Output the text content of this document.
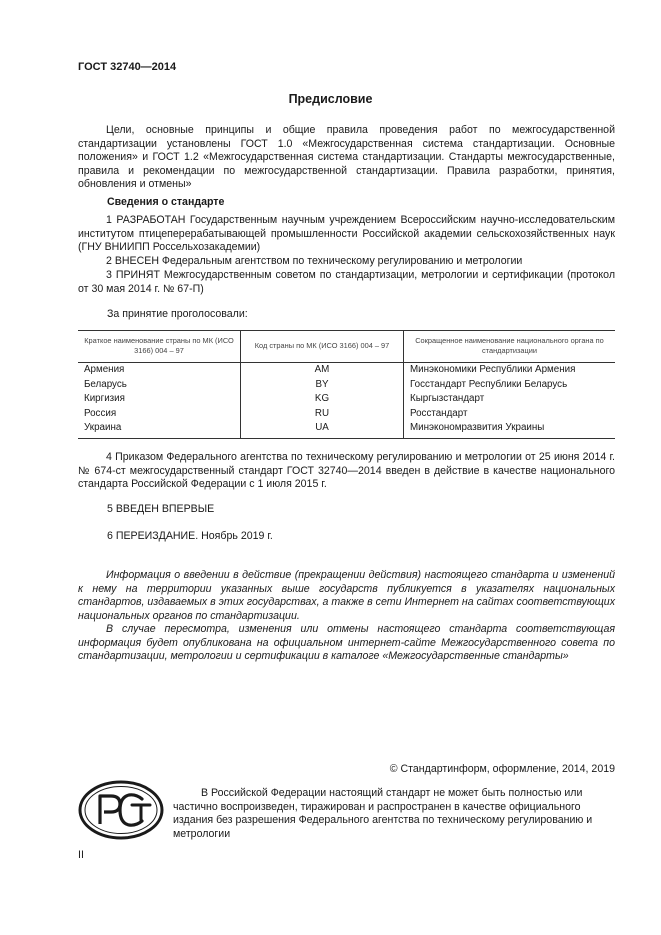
ГОСТ 32740—2014
Предисловие

Цели, основные принципы и общие правила проведения работ по межгосударственной стандартизации установлены ГОСТ 1.0 «Межгосударственная система стандартизации. Основные положения» и ГОСТ 1.2 «Межгосударственная система стандартизации. Стандарты межгосударственные, правила и рекомендации по межгосударственной стандартизации. Правила разработки, принятия, обновления и отмены»

Сведения о стандарте

1 РАЗРАБОТАН Государственным научным учреждением Всероссийским научно-исследовательским институтом птицеперерабатывающей промышленности Российской академии сельскохозяйственных наук (ГНУ ВНИИПП Россельхозакадемии)

2 ВНЕСЕН Федеральным агентством по техническому регулированию и метрологии

3 ПРИНЯТ Межгосударственным советом по стандартизации, метрологии и сертификации (протокол от 30 мая 2014 г. № 67-П)

За принятие проголосовали:
Краткое наименование страны по МК (ИСО 3166) 004 – 97	Код страны по МК (ИСО 3166) 004 – 97	Сокращенное наименование национального органа по стандартизации
Армения	AM	Минэкономики Республики Армения
Беларусь	BY	Госстандарт Республики Беларусь
Киргизия	KG	Кыргызстандарт
Россия	RU	Росстандарт
Украина	UA	Минэкономразвития Украины

4 Приказом Федерального агентства по техническому регулированию и метрологии от 25 июня 2014 г. № 674-ст межгосударственный стандарт ГОСТ 32740—2014 введен в действие в качестве национального стандарта Российской Федерации с 1 июля 2015 г.

5 ВВЕДЕН ВПЕРВЫЕ
6 ПЕРЕИЗДАНИЕ. Ноябрь 2019 г.

Информация о введении в действие (прекращении действия) настоящего стандарта и изменений к нему на территории указанных выше государств публикуется в указателях национальных стандартов, издаваемых в этих государствах, а также в сети Интернет на сайтах соответствующих национальных органов по стандартизации.

В случае пересмотра, изменения или отмены настоящего стандарта соответствующая информация будет опубликована на официальном интернет-сайте Межгосударственного совета по стандартизации, метрологии и сертификации в каталоге «Межгосударственные стандарты»

© Стандартинформ, оформление, 2014, 2019

В Российской Федерации настоящий стандарт не может быть полностью или частично воспроизведен, тиражирован и распространен в качестве официального издания без разрешения Федерального агентства по техническому регулированию и метрологии

II
